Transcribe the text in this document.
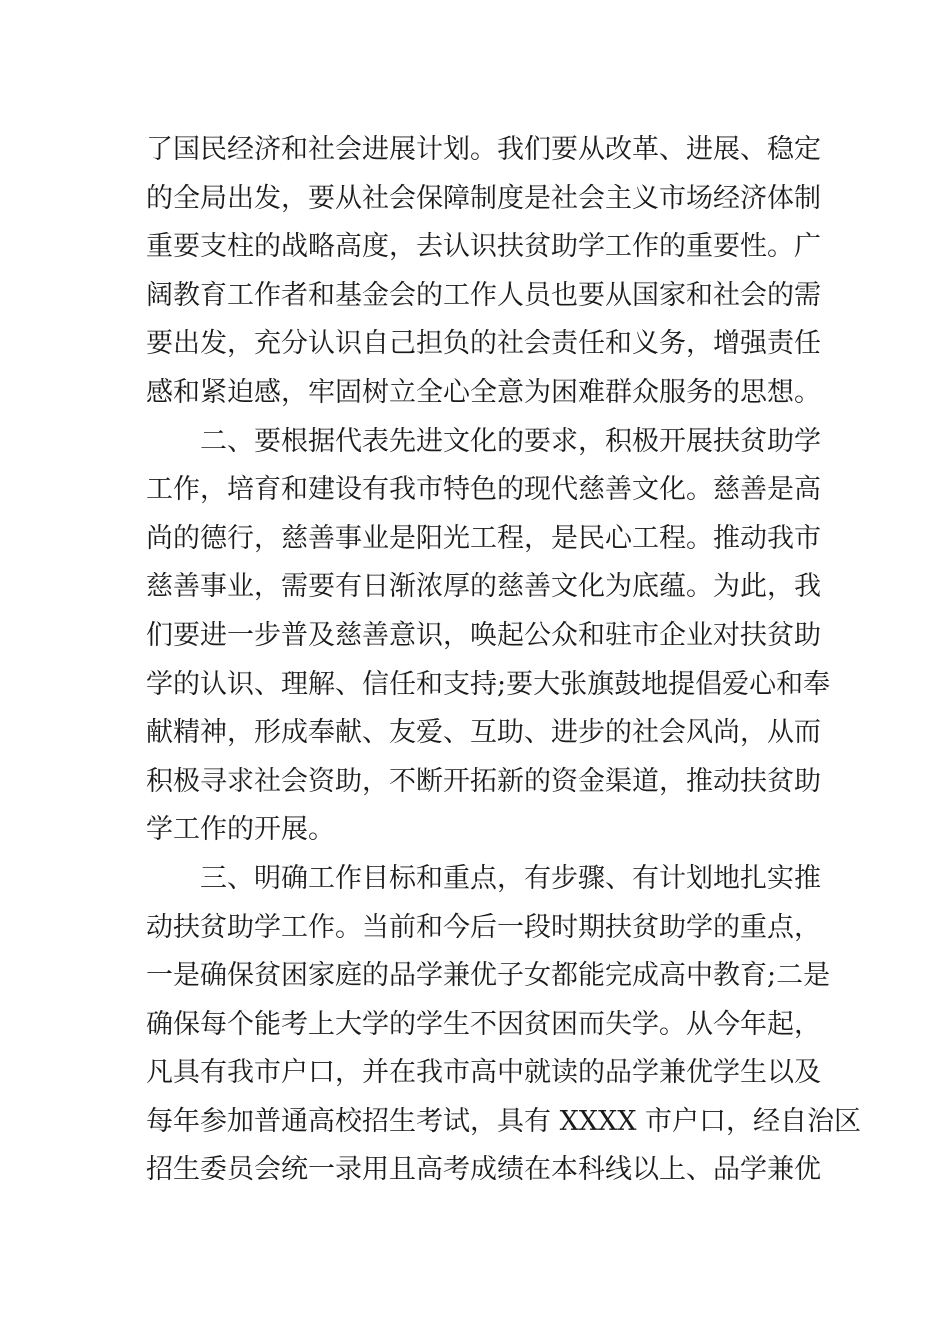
了国民经济和社会进展计划。我们要从改革、进展、稳定
的全局出发，要从社会保障制度是社会主义市场经济体制
重要支柱的战略高度，去认识扶贫助学工作的重要性。广
阔教育工作者和基金会的工作人员也要从国家和社会的需
要出发，充分认识自己担负的社会责任和义务，增强责任
感和紧迫感，牢固树立全心全意为困难群众服务的思想。
二、要根据代表先进文化的要求，积极开展扶贫助学
工作，培育和建设有我市特色的现代慈善文化。慈善是高
尚的德行，慈善事业是阳光工程，是民心工程。推动我市
慈善事业，需要有日渐浓厚的慈善文化为底蕴。为此，我
们要进一步普及慈善意识，唤起公众和驻市企业对扶贫助
学的认识、理解、信任和支持;要大张旗鼓地提倡爱心和奉
献精神，形成奉献、友爱、互助、进步的社会风尚，从而
积极寻求社会资助，不断开拓新的资金渠道，推动扶贫助
学工作的开展。
三、明确工作目标和重点，有步骤、有计划地扎实推
动扶贫助学工作。当前和今后一段时期扶贫助学的重点，
一是确保贫困家庭的品学兼优子女都能完成高中教育;二是
确保每个能考上大学的学生不因贫困而失学。从今年起，
凡具有我市户口，并在我市高中就读的品学兼优学生以及
每年参加普通高校招生考试，具有 XXXX 市户口，经自治区
招生委员会统一录用且高考成绩在本科线以上、品学兼优
